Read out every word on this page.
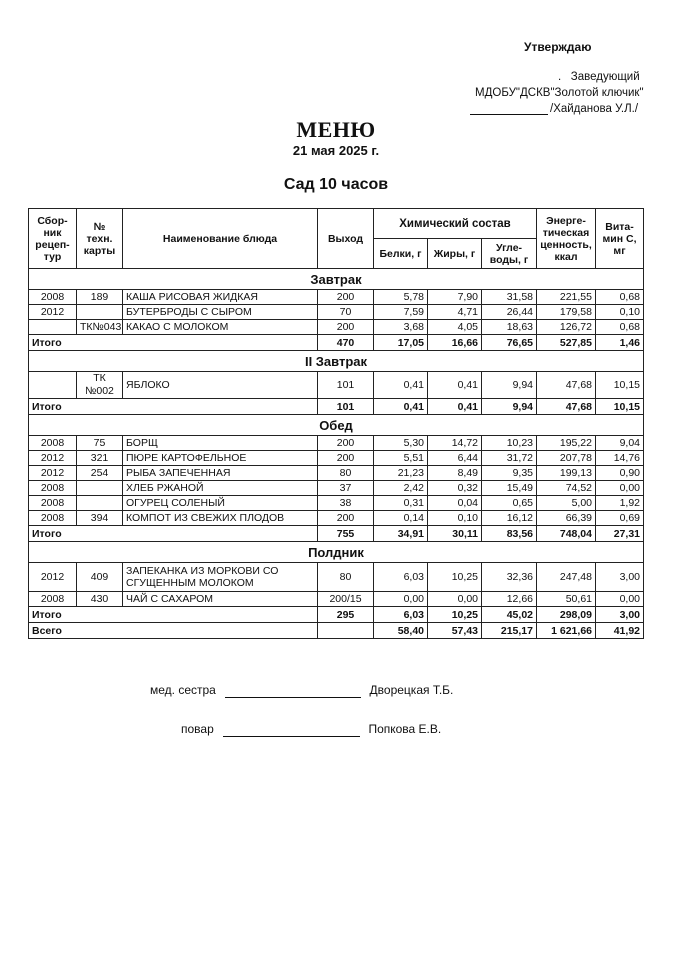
Утверждаю
.   Заведующий
МДОБУ"ДСКВ"Золотой ключик"
/Хайданова У.Л./
МЕНЮ
21 мая 2025 г.
Сад 10 часов
Сбор-ник рецеп-тур	№ техн. карты	Наименование блюда	Выход	Химический состав			Энерге-тическая ценность, ккал	Вита-мин С, мг
				Белки, г	Жиры, г	Угле-воды, г		
Завтрак								
2008	189	КАША РИСОВАЯ ЖИДКАЯ	200	5,78	7,90	31,58	221,55	0,68
2012		БУТЕРБРОДЫ С СЫРОМ	70	7,59	4,71	26,44	179,58	0,10
	ТК№043	КАКАО С МОЛОКОМ	200	3,68	4,05	18,63	126,72	0,68
Итого			470	17,05	16,66	76,65	527,85	1,46
II Завтрак								
	ТК №002	ЯБЛОКО	101	0,41	0,41	9,94	47,68	10,15
Итого			101	0,41	0,41	9,94	47,68	10,15
Обед								
2008	75	БОРЩ	200	5,30	14,72	10,23	195,22	9,04
2012	321	ПЮРЕ КАРТОФЕЛЬНОЕ	200	5,51	6,44	31,72	207,78	14,76
2012	254	РЫБА ЗАПЕЧЕННАЯ	80	21,23	8,49	9,35	199,13	0,90
2008		ХЛЕБ РЖАНОЙ	37	2,42	0,32	15,49	74,52	0,00
2008		ОГУРЕЦ СОЛЕНЫЙ	38	0,31	0,04	0,65	5,00	1,92
2008	394	КОМПОТ ИЗ СВЕЖИХ ПЛОДОВ	200	0,14	0,10	16,12	66,39	0,69
Итого			755	34,91	30,11	83,56	748,04	27,31
Полдник								
2012	409	ЗАПЕКАНКА ИЗ МОРКОВИ СО СГУЩЕННЫМ МОЛОКОМ	80	6,03	10,25	32,36	247,48	3,00
2008	430	ЧАЙ С САХАРОМ	200/15	0,00	0,00	12,66	50,61	0,00
Итого			295	6,03	10,25	45,02	298,09	3,00
Всего				58,40	57,43	215,17	1 621,66	41,92
мед. сестра	Дворецкая Т.Б.
повар	Попкова Е.В.
